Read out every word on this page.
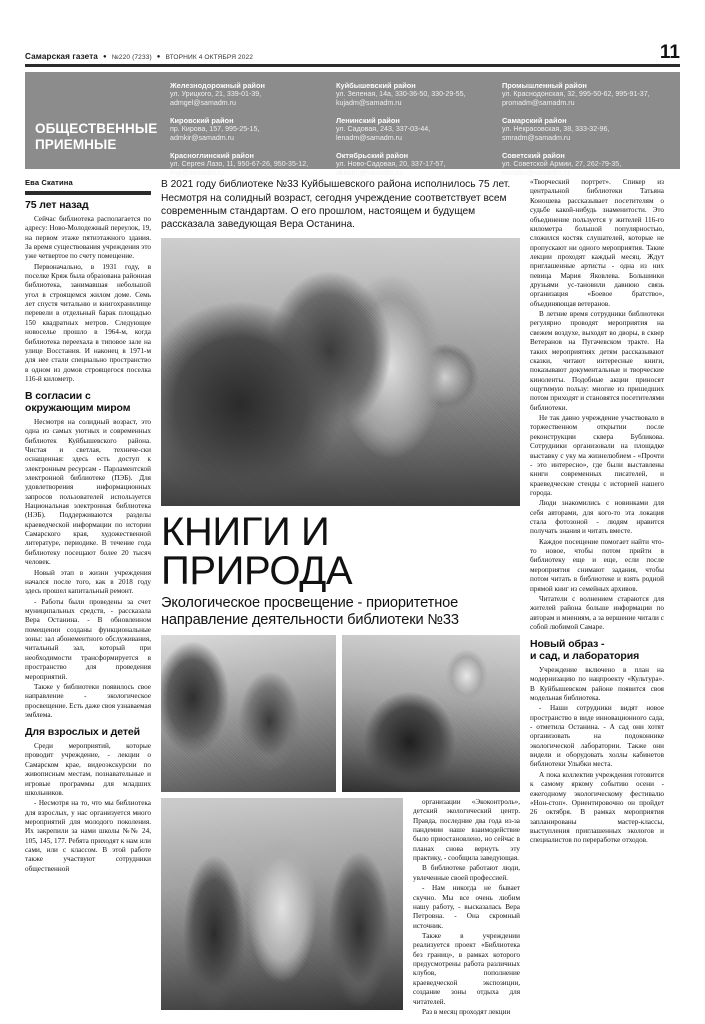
Самарская газета ● №220 (7233) ● ВТОРНИК 4 ОКТЯБРЯ 2022	11
ОБЩЕСТВЕННЫЕ
ПРИЕМНЫЕ
Железнодорожный район
ул. Урицкого, 21, 339-01-39,
admgel@samadm.ru
Кировский район
пр. Кирова, 157, 995-25-15,
admkir@samadm.ru
Красноглинский район
ул. Сергея Лазо, 11, 950-67-26, 950-35-12,
krgl@samadm.ru
Куйбышевский район
ул. Зеленая, 14а, 330-36-50, 330-29-55,
kujadm@samadm.ru
Ленинский район
ул. Садовая, 243, 337-03-44,
lenadm@samadm.ru
Октябрьский район
ул. Ново-Садовая, 20, 337-17-57,
oktadm@samadm.ru
Промышленный район
ул. Краснодонская, 32, 995-50-62, 995-91-37,
promadm@samadm.ru
Самарский район
ул. Некрасовская, 38, 333-32-96,
smradm@samadm.ru
Советский район
ул. Советской Армии, 27, 262-79-35,
sovadm@samadm.ru
Ева Скатина
75 лет назад

Сейчас библиотека располагается по адресу: Ново-Молодежный переулок, 19, на первом этаже пятиэтажного здания. За время существования учреждения это уже четвертое по счету помещение.

Первоначально, в 1931 году, в поселке Кряж была образована районная библиотека, занимавшая небольшой угол в строящемся жилом доме. Семь лет спустя читальню и книгохранилище перевели в отдельный барак площадью 150 квадратных метров. Следующее новоселье прошло в 1964-м, когда библиотека переехала в типовое зале на улице Восстания. И наконец в 1971-м для нее стали специально пространство в одном из домов строящегося поселка 116-й километр.

В согласии с окружающим миром

Несмотря на солидный возраст, это одна из самых уютных и современных библиотек Куйбышевского района. Чистая и светлая, техниче-ски оснащенная: здесь есть доступ к электронным ресурсам - Парламентской электронной библиотеке (ПЭБ). Для удовлетворения информационных запросов пользователей используется Национальная электронная библиотека (НЭБ). Поддерживаются разделы краеведческой информации по истории Самарского края, художественной литературе, периодике. В течение года библиотеку посещают более 20 тысяч человек.

Новый этап в жизни учреждения начался после того, как в 2018 году здесь прошел капитальный ремонт.

- Работы были проведены за счет муниципальных средств, - рассказала Вера Останина. - В обновленном помещении созданы функциональные зоны: зал абонементного обслуживания, читальный зал, который при необходимости трансформируется в пространство для проведения мероприятий.

Также у библиотеки появилось свое направление - экологическое просвещение. Есть даже своя узнаваемая эмблема.

Для взрослых и детей

Среди мероприятий, которые проводит учреждение, - лекции о Самарском крае, видеоэкскурсии по живописным местам, познавательные и игровые программы для младших школьников.

- Несмотря на то, что мы библиотека для взрослых, у нас организуется много мероприятий для молодого поколения. Их закрепили за нами школы №№ 24, 105, 145, 177. Ребята приходят к нам или сами, или с классом. В этой работе также участвуют сотрудники общественной

В 2021 году библиотеке №33 Куйбышевского района исполнилось 75 лет. Несмотря на солидный возраст, сегодня учреждение соответствует всем современным стандартам. О его прошлом, настоящем и будущем рассказала заведующая Вера Останина.

КНИГИ И ПРИРОДА
Экологическое просвещение - приоритетное направление деятельности библиотеки №33

организации «Экоконтроль», детский экологический центр. Правда, последние два года из-за пандемии наше взаимодействие было приостановлено, но сейчас в планах снова вернуть эту практику, - сообщила заведующая.

В библиотеке работают люди, увлеченные своей профессией.

- Нам никогда не бывает скучно. Мы все очень любим нашу работу, - высказалась Вера Петровна. - Она скромный источник.

Также в учреждении реализуется проект «Библиотека без границ», в рамках которого предусмотрены работа различных клубов, пополнение краеведческой экспозиции, создание зоны отдыха для читателей.

Раз в месяц проходят лекции

«Творческий портрет». Спикер из центральной библиотеки Татьяна Коношева рассказывает посетителям о судьбе какой-нибудь знаменитости. Это объединение пользуется у жителей 116-го километра большой популярностью, сложился костяк слушателей, которые не пропускают ни одного мероприятия. Такие лекции проходят каждый месяц. Ждут приглашенные артисты - одна из них певица Мария Яковлева. Большинки друзьями ус-тановили давнюю связь организация «Боевое братство», объединяющая ветеранов.

В летние время сотрудники библиотеки регулярно проводят мероприятия на свежем воздухе, выходят во дворы, в сквер Ветеранов на Пугачевском тракте. На таких мероприятиях детям рассказывают сказки, читают интересные книги, показывают документальные и творческие киноленты. Подобные акции приносят ощутимую пользу: многие из пришедших потом приходят и становятся посетителями библиотеки.

Не так давно учреждение участвовало в торжественном открытии после реконструкции сквера Бубликова. Сотрудники организовали на площадке выставку с уку ма жизнелюбием - «Прочти - это интересно», где были выставлены книги современных писателей, и краеведческие стенды с историей нашего города.

Люди знакомились с новинками для себя авторами, для кого-то эта локация стала фотозоной - людям нравится получать знания и читать вместе.

Каждое посещение помогает найти что-то новое, чтобы потом прийти в библиотеку еще и еще, если после мероприятия снимают задания, чтобы потом читать в библиотеке и взять родной прямой книг из семейных архивов.

Читатели с волнением стараются для жителей района больше информации по авторам и мнениям, а за вершение читали с собой любимой Самаре.

Новый образ -
и сад, и лаборатория

Учреждение включено в план на модернизацию по нацпроекту «Культура». В Куйбышевском районе появится своя модельная библиотека.

- Наши сотрудники видят новое пространство в виде инновационного сада, - отметила Останина. - А сад они хотят организовать на подоконнике экологической лаборатории. Также они видели и оборудовать холлы кабинетов библиотеки Улыбки места.

А пока коллектив учреждения готовится к самому яркому событию осени - ежегодному экологическому фестивалю «Нон-стоп». Ориентировочно он пройдет 26 октября. В рамках мероприятия запланированы мастер-классы, выступления приглашенных экологов и специалистов по переработке отходов.
